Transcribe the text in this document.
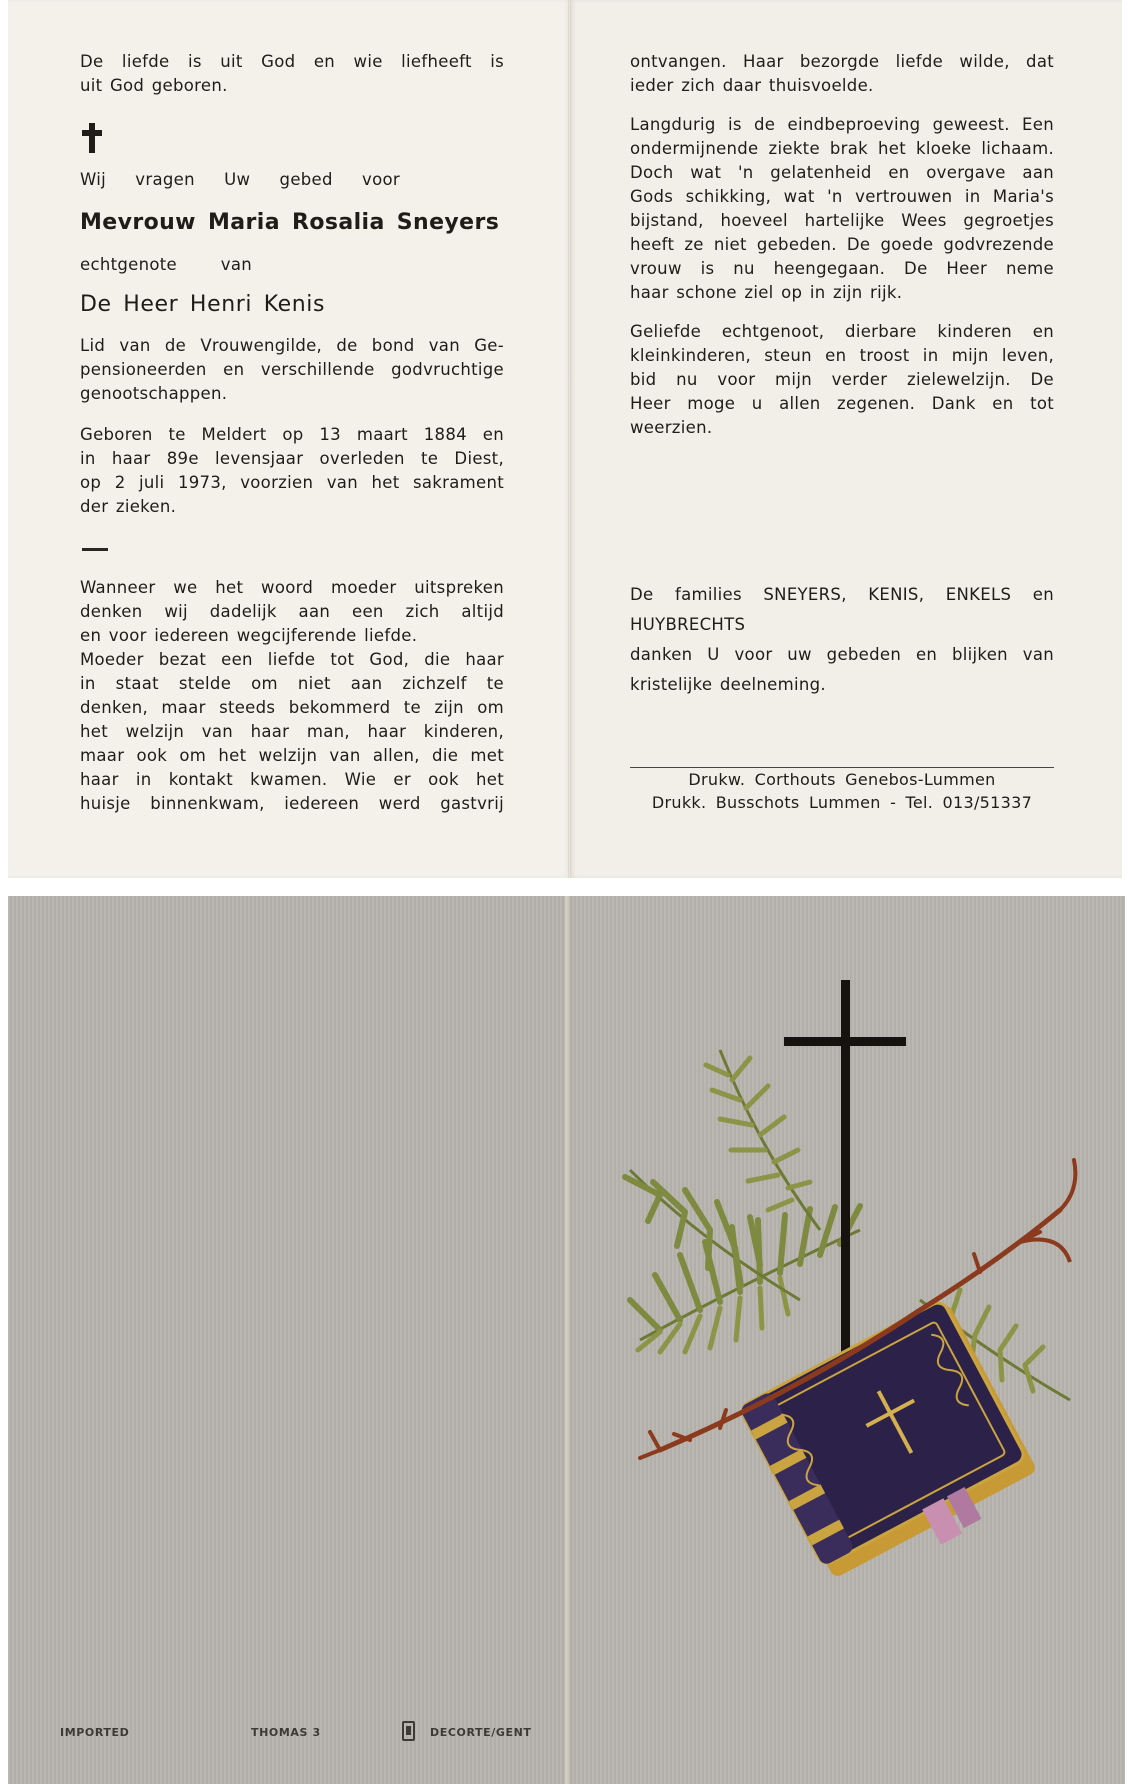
De liefde is uit God en wie liefheeft is
uit God geboren.
Wij vragen Uw gebed voor
Mevrouw Maria Rosalia Sneyers
echtgenote van
De Heer Henri Kenis
Lid van de Vrouwengilde, de bond van Ge-
pensioneerden en verschillende godvruchtige
genootschappen.
Geboren te Meldert op 13 maart 1884 en
in haar 89e levensjaar overleden te Diest,
op 2 juli 1973, voorzien van het sakrament
der zieken.
Wanneer we het woord moeder uitspreken
denken wij dadelijk aan een zich altijd
en voor iedereen wegcijferende liefde.
Moeder bezat een liefde tot God, die haar
in staat stelde om niet aan zichzelf te
denken, maar steeds bekommerd te zijn om
het welzijn van haar man, haar kinderen,
maar ook om het welzijn van allen, die met
haar in kontakt kwamen. Wie er ook het
huisje binnenkwam, iedereen werd gastvrij
ontvangen. Haar bezorgde liefde wilde, dat
ieder zich daar thuisvoelde.
Langdurig is de eindbeproeving geweest. Een
ondermijnende ziekte brak het kloeke lichaam.
Doch wat 'n gelatenheid en overgave aan
Gods schikking, wat 'n vertrouwen in Maria's
bijstand, hoeveel hartelijke Wees gegroetjes
heeft ze niet gebeden. De goede godvrezende
vrouw is nu heengegaan. De Heer neme
haar schone ziel op in zijn rijk.
Geliefde echtgenoot, dierbare kinderen en
kleinkinderen, steun en troost in mijn leven,
bid nu voor mijn verder zielewelzijn. De
Heer moge u allen zegenen. Dank en tot
weerzien.
De families SNEYERS, KENIS, ENKELS en
HUYBRECHTS
danken U voor uw gebeden en blijken van
kristelijke deelneming.
Drukw. Corthouts Genebos-Lummen
Drukk. Busschots Lummen - Tel. 013/51337
IMPORTED	THOMAS 3	DECORTE/GENT
